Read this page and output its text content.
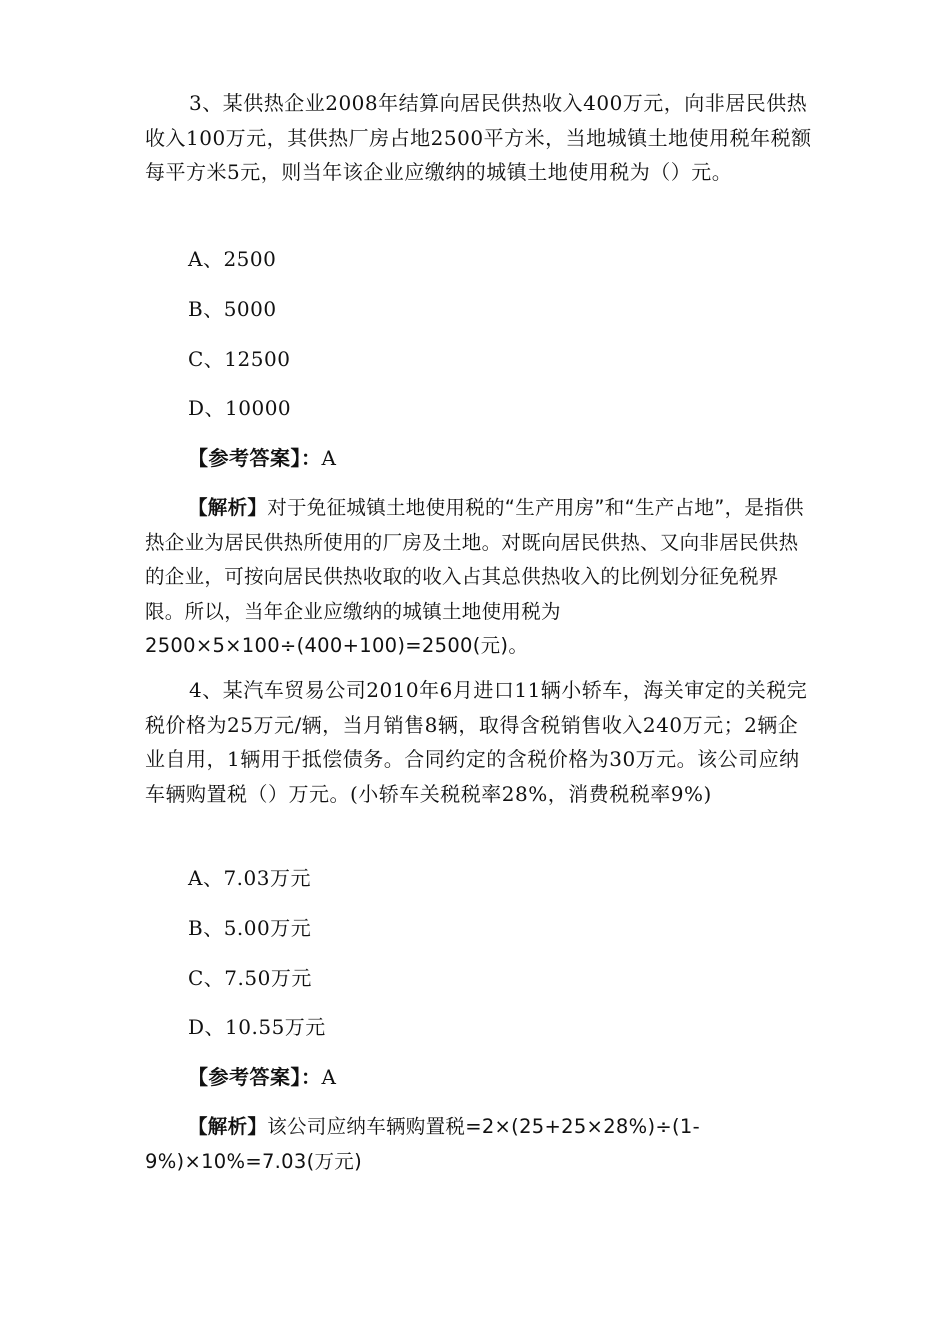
3、某供热企业2008年结算向居民供热收入400万元，向非居民供热收入100万元，其供热厂房占地2500平方米，当地城镇土地使用税年税额每平方米5元，则当年该企业应缴纳的城镇土地使用税为（）元。

A、2500
B、5000
C、12500
D、10000
【参考答案】：A

【解析】对于免征城镇土地使用税的“生产用房”和“生产占地”，是指供热企业为居民供热所使用的厂房及土地。对既向居民供热、又向非居民供热的企业，可按向居民供热收取的收入占其总供热收入的比例划分征免税界限。所以，当年企业应缴纳的城镇土地使用税为2500×5×100÷(400+100)=2500(元)。

4、某汽车贸易公司2010年6月进口11辆小轿车，海关审定的关税完税价格为25万元/辆，当月销售8辆，取得含税销售收入240万元；2辆企业自用，1辆用于抵偿债务。合同约定的含税价格为30万元。该公司应纳车辆购置税（）万元。(小轿车关税税率28%，消费税税率9%)

A、7.03万元
B、5.00万元
C、7.50万元
D、10.55万元
【参考答案】：A

【解析】该公司应纳车辆购置税=2×(25+25×28%)÷(1-9%)×10%=7.03(万元)
